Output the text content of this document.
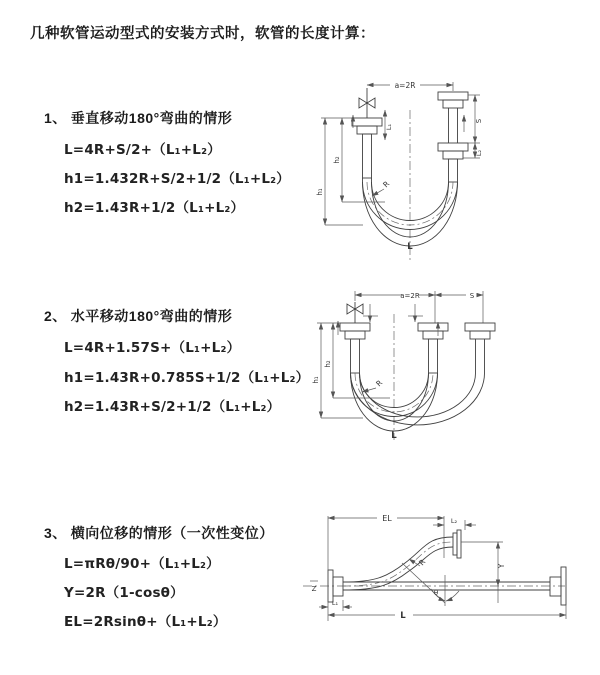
几种软管运动型式的安装方式时，软管的长度计算：
1、 垂直移动180°弯曲的情形
L=4R+S/2+（L₁+L₂）
h1=1.432R+S/2+1/2（L₁+L₂）
h2=1.43R+1/2（L₁+L₂）
2、 水平移动180°弯曲的情形
L=4R+1.57S+（L₁+L₂）
h1=1.43R+0.785S+1/2（L₁+L₂）
h2=1.43R+S/2+1/2（L₁+L₂）
3、 横向位移的情形（一次性变位）
L=πRθ/90+（L₁+L₂）
Y=2R（1-cosθ）
EL=2Rsinθ+（L₁+L₂）
a=2R
h₁
h₂
L₁
S
L₂
R
L
a=2R	S
h₁
h₂
R
L
Z
EL	L₂
Y
R
θ
L₁
L
